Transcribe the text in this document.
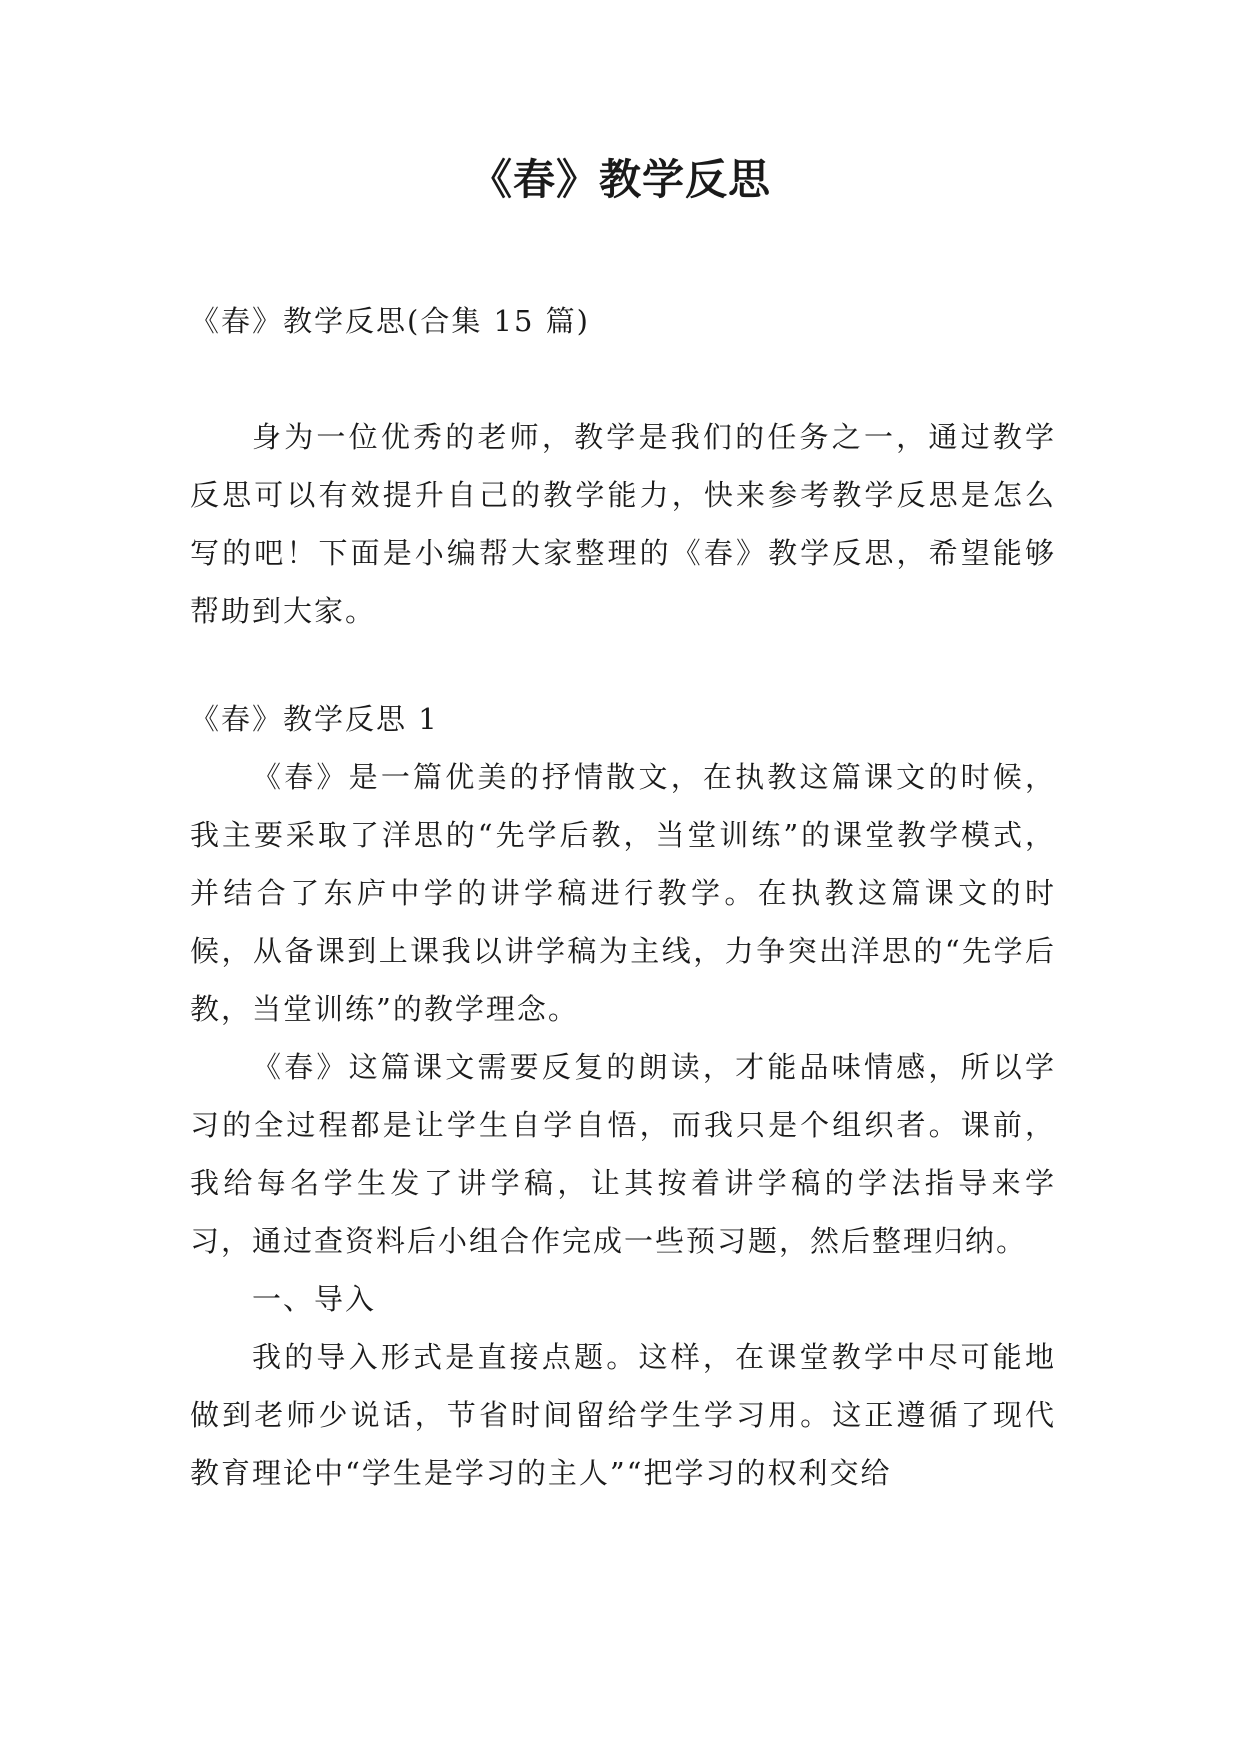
《春》教学反思

《春》教学反思(合集 15 篇)

身为一位优秀的老师，教学是我们的任务之一，通过教学反思可以有效提升自己的教学能力，快来参考教学反思是怎么写的吧！下面是小编帮大家整理的《春》教学反思，希望能够帮助到大家。

《春》教学反思 1

《春》是一篇优美的抒情散文，在执教这篇课文的时候，我主要采取了洋思的“先学后教，当堂训练”的课堂教学模式，并结合了东庐中学的讲学稿进行教学。在执教这篇课文的时候，从备课到上课我以讲学稿为主线，力争突出洋思的“先学后教，当堂训练”的教学理念。

《春》这篇课文需要反复的朗读，才能品味情感，所以学习的全过程都是让学生自学自悟，而我只是个组织者。课前，我给每名学生发了讲学稿，让其按着讲学稿的学法指导来学习，通过查资料后小组合作完成一些预习题，然后整理归纳。

一、导入

我的导入形式是直接点题。这样，在课堂教学中尽可能地做到老师少说话，节省时间留给学生学习用。这正遵循了现代教育理论中“学生是学习的主人”“把学习的权利交给
